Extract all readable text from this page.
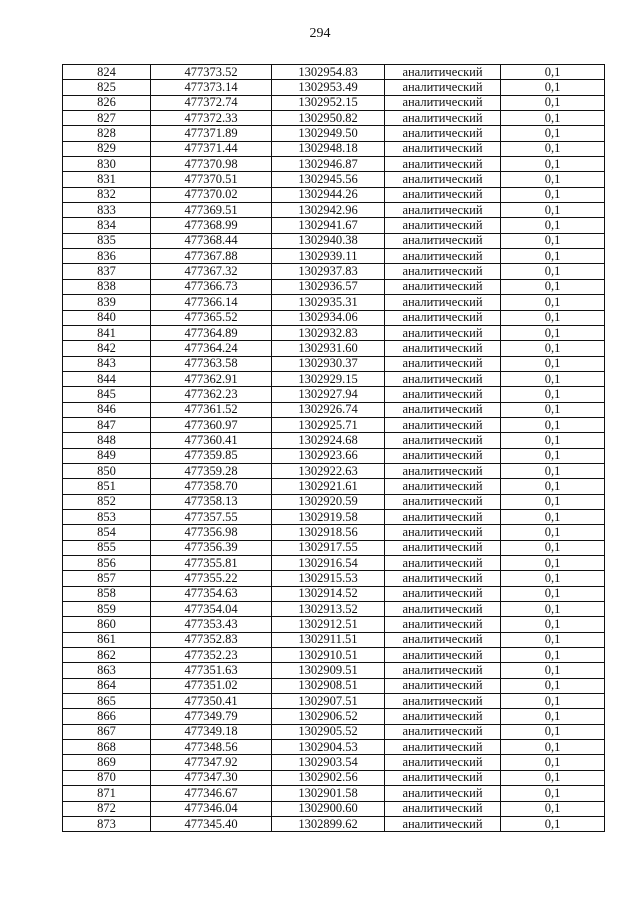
294
824	477373.52	1302954.83	аналитический	0,1
825	477373.14	1302953.49	аналитический	0,1
826	477372.74	1302952.15	аналитический	0,1
827	477372.33	1302950.82	аналитический	0,1
828	477371.89	1302949.50	аналитический	0,1
829	477371.44	1302948.18	аналитический	0,1
830	477370.98	1302946.87	аналитический	0,1
831	477370.51	1302945.56	аналитический	0,1
832	477370.02	1302944.26	аналитический	0,1
833	477369.51	1302942.96	аналитический	0,1
834	477368.99	1302941.67	аналитический	0,1
835	477368.44	1302940.38	аналитический	0,1
836	477367.88	1302939.11	аналитический	0,1
837	477367.32	1302937.83	аналитический	0,1
838	477366.73	1302936.57	аналитический	0,1
839	477366.14	1302935.31	аналитический	0,1
840	477365.52	1302934.06	аналитический	0,1
841	477364.89	1302932.83	аналитический	0,1
842	477364.24	1302931.60	аналитический	0,1
843	477363.58	1302930.37	аналитический	0,1
844	477362.91	1302929.15	аналитический	0,1
845	477362.23	1302927.94	аналитический	0,1
846	477361.52	1302926.74	аналитический	0,1
847	477360.97	1302925.71	аналитический	0,1
848	477360.41	1302924.68	аналитический	0,1
849	477359.85	1302923.66	аналитический	0,1
850	477359.28	1302922.63	аналитический	0,1
851	477358.70	1302921.61	аналитический	0,1
852	477358.13	1302920.59	аналитический	0,1
853	477357.55	1302919.58	аналитический	0,1
854	477356.98	1302918.56	аналитический	0,1
855	477356.39	1302917.55	аналитический	0,1
856	477355.81	1302916.54	аналитический	0,1
857	477355.22	1302915.53	аналитический	0,1
858	477354.63	1302914.52	аналитический	0,1
859	477354.04	1302913.52	аналитический	0,1
860	477353.43	1302912.51	аналитический	0,1
861	477352.83	1302911.51	аналитический	0,1
862	477352.23	1302910.51	аналитический	0,1
863	477351.63	1302909.51	аналитический	0,1
864	477351.02	1302908.51	аналитический	0,1
865	477350.41	1302907.51	аналитический	0,1
866	477349.79	1302906.52	аналитический	0,1
867	477349.18	1302905.52	аналитический	0,1
868	477348.56	1302904.53	аналитический	0,1
869	477347.92	1302903.54	аналитический	0,1
870	477347.30	1302902.56	аналитический	0,1
871	477346.67	1302901.58	аналитический	0,1
872	477346.04	1302900.60	аналитический	0,1
873	477345.40	1302899.62	аналитический	0,1
